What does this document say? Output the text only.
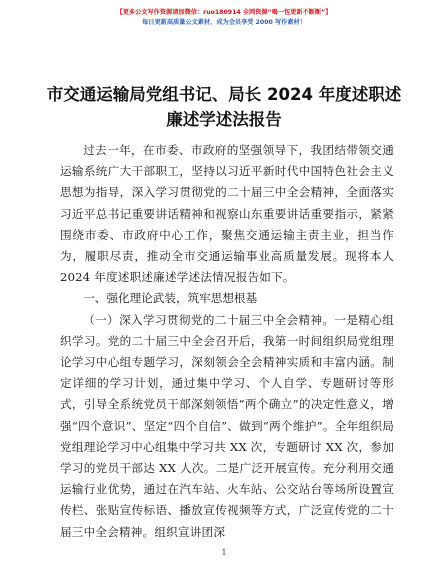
【更多公文写作资源请加微信：ruo180914 全网资源“喝一包更新不断断”】
每日更新高质量公文素材，成为会员享受 2000 写作素材！
市交通运输局党组书记、局长 2024 年度述职述
廉述学述法报告

过去一年，在市委、市政府的坚强领导下，我团结带领交通运输系统广大干部职工，坚持以习近平新时代中国特色社会主义思想为指导，深入学习贯彻党的二十届三中全会精神，全面落实习近平总书记重要讲话精神和视察山东重要讲话重要指示，紧紧围绕市委、市政府中心工作，聚焦交通运输主责主业，担当作为，履职尽责，推动全市交通运输事业高质量发展。现将本人 2024 年度述职述廉述学述法情况报告如下。

一、强化理论武装，筑牢思想根基

（一）深入学习贯彻党的二十届三中全会精神。一是精心组织学习。党的二十届三中全会召开后，我第一时间组织局党组理论学习中心组专题学习，深刻领会全会精神实质和丰富内涵。制定详细的学习计划，通过集中学习、个人自学、专题研讨等形式，引导全系统党员干部深刻领悟“两个确立”的决定性意义，增强“四个意识”、坚定“四个自信”、做到“两个维护”。全年组织局党组理论学习中心组集中学习共 XX 次，专题研讨 XX 次，参加学习的党员干部达 XX 人次。二是广泛开展宣传。充分利用交通运输行业优势，通过在汽车站、火车站、公交站台等场所设置宣传栏、张贴宣传标语、播放宣传视频等方式，广泛宣传党的二十届三中全会精神。组织宣讲团深

1
